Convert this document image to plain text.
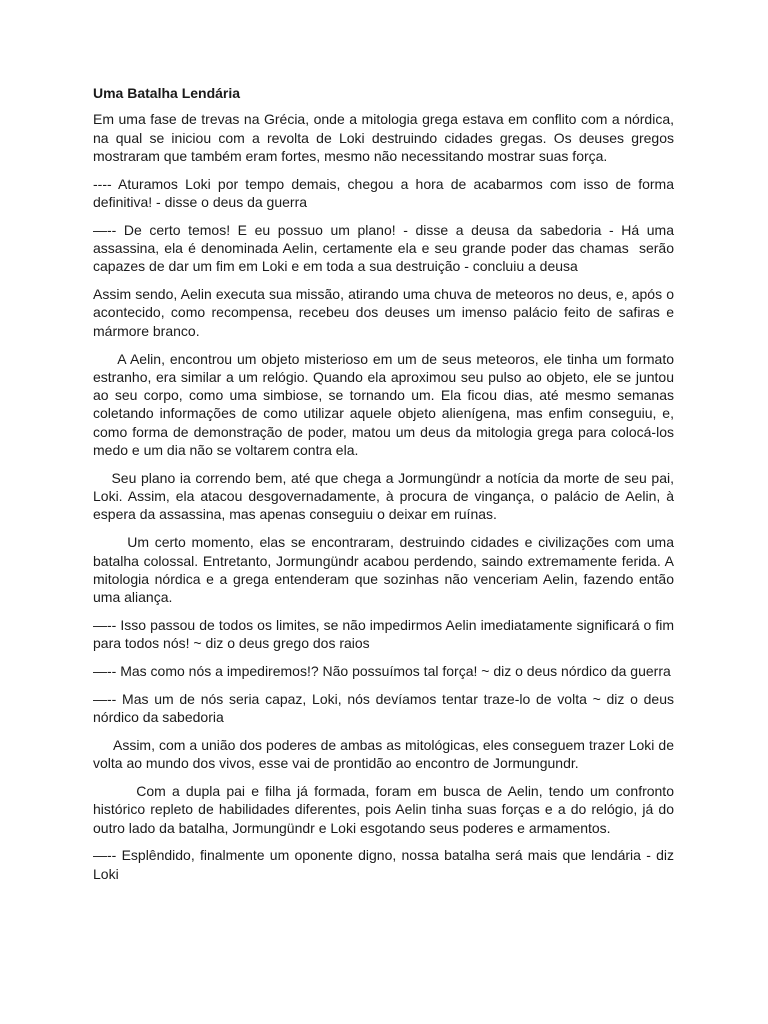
Uma Batalha Lendária

Em uma fase de trevas na Grécia, onde a mitologia grega estava em conflito com a nórdica, na qual se iniciou com a revolta de Loki destruindo cidades gregas. Os deuses gregos mostraram que também eram fortes, mesmo não necessitando mostrar suas força.

---- Aturamos Loki por tempo demais, chegou a hora de acabarmos com isso de forma definitiva! - disse o deus da guerra

—-- De certo temos! E eu possuo um plano! - disse a deusa da sabedoria - Há uma assassina, ela é denominada Aelin, certamente ela e seu grande poder das chamas  serão capazes de dar um fim em Loki e em toda a sua destruição - concluiu a deusa

Assim sendo, Aelin executa sua missão, atirando uma chuva de meteoros no deus, e, após o acontecido, como recompensa, recebeu dos deuses um imenso palácio feito de safiras e mármore branco.

A Aelin, encontrou um objeto misterioso em um de seus meteoros, ele tinha um formato estranho, era similar a um relógio. Quando ela aproximou seu pulso ao objeto, ele se juntou ao seu corpo, como uma simbiose, se tornando um. Ela ficou dias, até mesmo semanas coletando informações de como utilizar aquele objeto alienígena, mas enfim conseguiu, e, como forma de demonstração de poder, matou um deus da mitologia grega para colocá-los medo e um dia não se voltarem contra ela.

Seu plano ia correndo bem, até que chega a Jormungündr a notícia da morte de seu pai, Loki. Assim, ela atacou desgovernadamente, à procura de vingança, o palácio de Aelin, à espera da assassina, mas apenas conseguiu o deixar em ruínas.

Um certo momento, elas se encontraram, destruindo cidades e civilizações com uma batalha colossal. Entretanto, Jormungündr acabou perdendo, saindo extremamente ferida. A mitologia nórdica e a grega entenderam que sozinhas não venceriam Aelin, fazendo então uma aliança.

—-- Isso passou de todos os limites, se não impedirmos Aelin imediatamente significará o fim para todos nós! ~ diz o deus grego dos raios

—-- Mas como nós a impediremos!? Não possuímos tal força! ~ diz o deus nórdico da guerra

—-- Mas um de nós seria capaz, Loki, nós devíamos tentar traze-lo de volta ~ diz o deus nórdico da sabedoria

Assim, com a união dos poderes de ambas as mitológicas, eles conseguem trazer Loki de volta ao mundo dos vivos, esse vai de prontidão ao encontro de Jormungundr.

Com a dupla pai e filha já formada, foram em busca de Aelin, tendo um confronto histórico repleto de habilidades diferentes, pois Aelin tinha suas forças e a do relógio, já do outro lado da batalha, Jormungündr e Loki esgotando seus poderes e armamentos.

—-- Esplêndido, finalmente um oponente digno, nossa batalha será mais que lendária - diz Loki
